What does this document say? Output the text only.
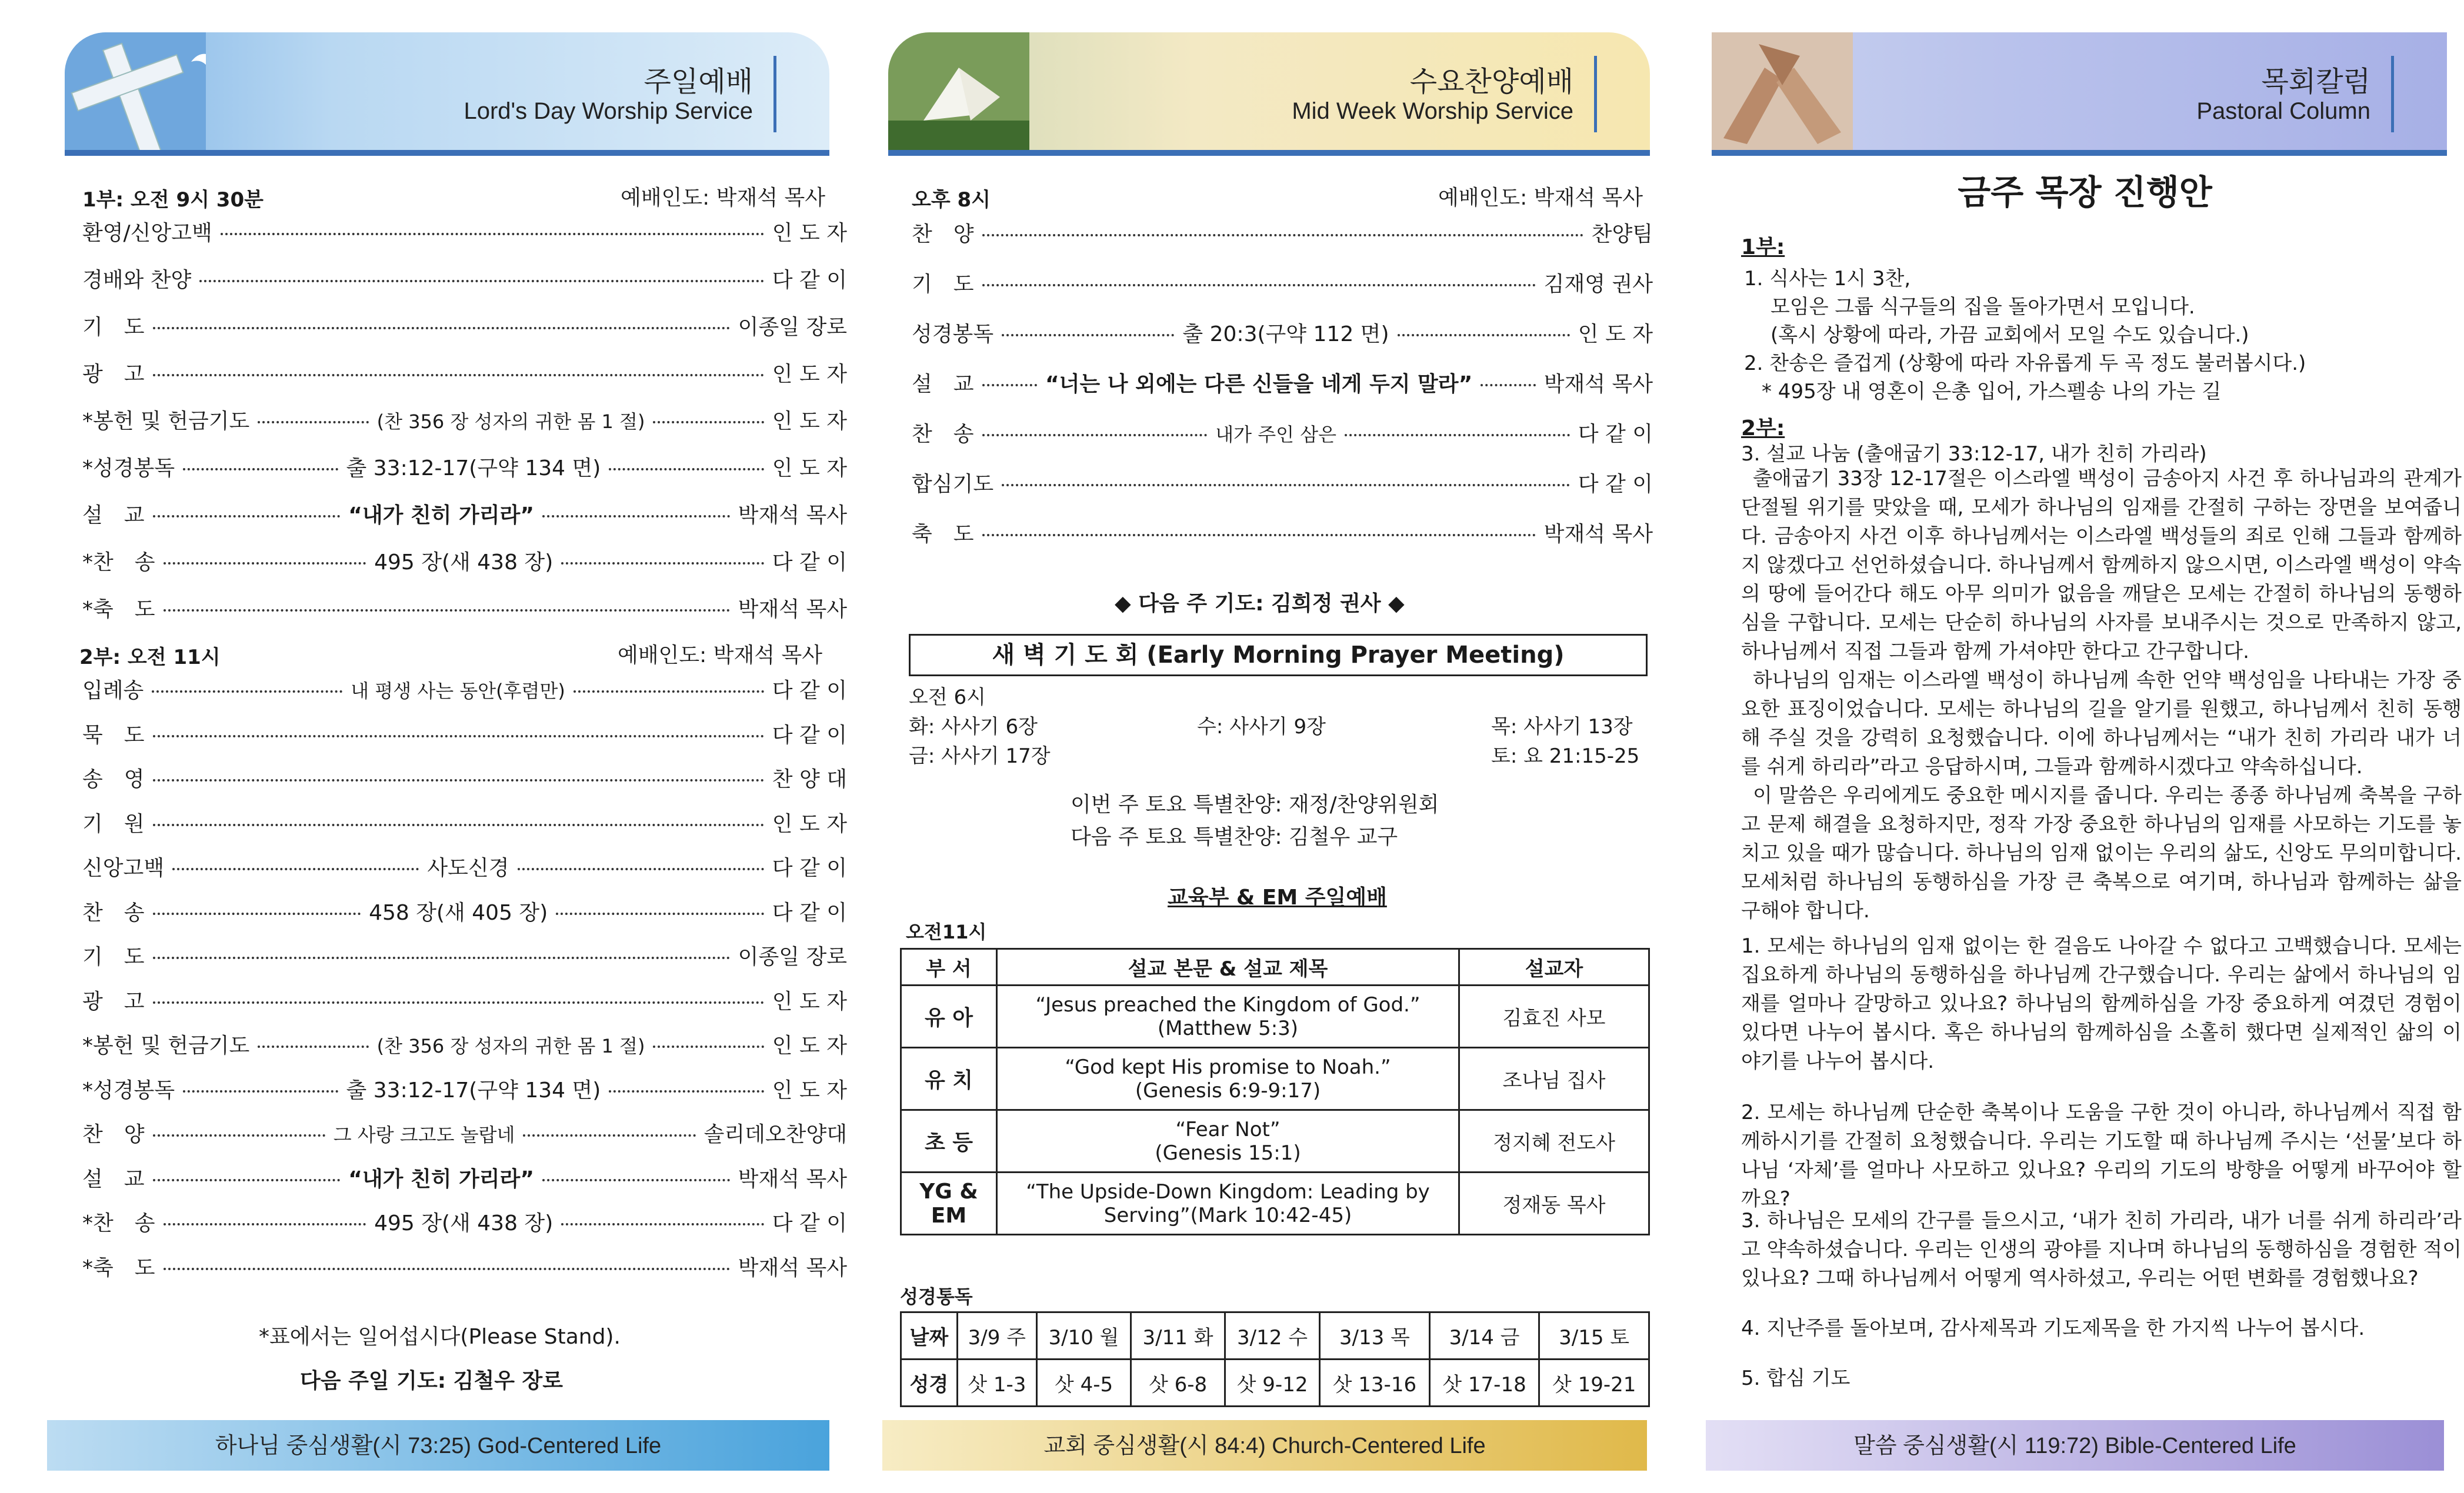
주일예배
Lord's Day Worship Service
1부: 오전 9시 30분	예배인도: 박재석 목사
환영/신앙고백	인 도 자
경배와 찬양	다 같 이
기　도	이종일 장로
광　고	인 도 자
*봉헌 및 헌금기도	(찬 356 장 성자의 귀한 몸 1 절)	인 도 자
*성경봉독	출 33:12-17(구약 134 면)	인 도 자
설　교	“내가 친히 가리라”	박재석 목사
*찬　송	495 장(새 438 장)	다 같 이
*축　도	박재석 목사
2부: 오전 11시	예배인도: 박재석 목사
입례송	내 평생 사는 동안(후렴만)	다 같 이
묵　도	다 같 이
송　영	찬 양 대
기　원	인 도 자
신앙고백	사도신경	다 같 이
찬　송	458 장(새 405 장)	다 같 이
기　도	이종일 장로
광　고	인 도 자
*봉헌 및 헌금기도	(찬 356 장 성자의 귀한 몸 1 절)	인 도 자
*성경봉독	출 33:12-17(구약 134 면)	인 도 자
찬　양	그 사랑 크고도 놀랍네	솔리데오찬양대
설　교	“내가 친히 가리라”	박재석 목사
*찬　송	495 장(새 438 장)	다 같 이
*축　도	박재석 목사
*표에서는 일어섭시다(Please Stand).
다음 주일 기도: 김철우 장로
하나님 중심생활(시 73:25) God-Centered Life
수요찬양예배
Mid Week Worship Service
오후 8시	예배인도: 박재석 목사
찬　양	찬양팀
기　도	김재영 권사
성경봉독	출 20:3(구약 112 면)	인 도 자
설　교	“너는 나 외에는 다른 신들을 네게 두지 말라”	박재석 목사
찬　송	내가 주인 삼은	다 같 이
합심기도	다 같 이
축　도	박재석 목사
◆ 다음 주 기도: 김희정 권사 ◆
새 벽 기 도 회 (Early Morning Prayer Meeting)
오전 6시
화: 사사기 6장	수: 사사기 9장	목: 사사기 13장
금: 사사기 17장	토: 요 21:15-25
이번 주 토요 특별찬양: 재정/찬양위원회
다음 주 토요 특별찬양: 김철우 교구
교육부 & EM 주일예배
오전11시
부 서	설교 본문 & 설교 제목	설교자
유 아	“Jesus preached the Kingdom of God.”
(Matthew 5:3)	김효진 사모
유 치	“God kept His promise to Noah.”
(Genesis 6:9-9:17)	조나님 집사
초 등	“Fear Not”
(Genesis 15:1)	정지혜 전도사
YG & EM	“The Upside-Down Kingdom: Leading by
Serving”(Mark 10:42-45)	정재동 목사
성경통독
날짜	3/9 주	3/10 월	3/11 화	3/12 수	3/13 목	3/14 금	3/15 토
성경	삿 1-3	삿 4-5	삿 6-8	삿 9-12	삿 13-16	삿 17-18	삿 19-21
교회 중심생활(시 84:4) Church-Centered Life
목회칼럼
Pastoral Column
금주 목장 진행안
1부:
1. 식사는 1시 3찬,
모임은 그룹 식구들의 집을 돌아가면서 모입니다.
(혹시 상황에 따라, 가끔 교회에서 모일 수도 있습니다.)
2. 찬송은 즐겁게 (상황에 따라 자유롭게 두 곡 정도 불러봅시다.)
* 495장 내 영혼이 은총 입어, 가스펠송 나의 가는 길
2부:
3. 설교 나눔 (출애굽기 33:12-17, 내가 친히 가리라)
출애굽기 33장 12-17절은 이스라엘 백성이 금송아지 사건 후 하나님과의 관계가 단절될 위기를 맞았을 때, 모세가 하나님의 임재를 간절히 구하는 장면을 보여줍니다. 금송아지 사건 이후 하나님께서는 이스라엘 백성들의 죄로 인해 그들과 함께하지 않겠다고 선언하셨습니다. 하나님께서 함께하지 않으시면, 이스라엘 백성이 약속의 땅에 들어간다 해도 아무 의미가 없음을 깨달은 모세는 간절히 하나님의 동행하심을 구합니다. 모세는 단순히 하나님의 사자를 보내주시는 것으로 만족하지 않고, 하나님께서 직접 그들과 함께 가셔야만 한다고 간구합니다.
하나님의 임재는 이스라엘 백성이 하나님께 속한 언약 백성임을 나타내는 가장 중요한 표징이었습니다. 모세는 하나님의 길을 알기를 원했고, 하나님께서 친히 동행해 주실 것을 강력히 요청했습니다. 이에 하나님께서는 “내가 친히 가리라 내가 너를 쉬게 하리라”라고 응답하시며, 그들과 함께하시겠다고 약속하십니다.
이 말씀은 우리에게도 중요한 메시지를 줍니다. 우리는 종종 하나님께 축복을 구하고 문제 해결을 요청하지만, 정작 가장 중요한 하나님의 임재를 사모하는 기도를 놓치고 있을 때가 많습니다. 하나님의 임재 없이는 우리의 삶도, 신앙도 무의미합니다. 모세처럼 하나님의 동행하심을 가장 큰 축복으로 여기며, 하나님과 함께하는 삶을 구해야 합니다.
1. 모세는 하나님의 임재 없이는 한 걸음도 나아갈 수 없다고 고백했습니다. 모세는 집요하게 하나님의 동행하심을 하나님께 간구했습니다. 우리는 삶에서 하나님의 임재를 얼마나 갈망하고 있나요? 하나님의 함께하심을 가장 중요하게 여겼던 경험이 있다면 나누어 봅시다. 혹은 하나님의 함께하심을 소홀히 했다면 실제적인 삶의 이야기를 나누어 봅시다.
2. 모세는 하나님께 단순한 축복이나 도움을 구한 것이 아니라, 하나님께서 직접 함께하시기를 간절히 요청했습니다. 우리는 기도할 때 하나님께 주시는 ‘선물’보다 하나님 ‘자체’를 얼마나 사모하고 있나요? 우리의 기도의 방향을 어떻게 바꾸어야 할까요?
3. 하나님은 모세의 간구를 들으시고, ‘내가 친히 가리라, 내가 너를 쉬게 하리라’라고 약속하셨습니다. 우리는 인생의 광야를 지나며 하나님의 동행하심을 경험한 적이 있나요? 그때 하나님께서 어떻게 역사하셨고, 우리는 어떤 변화를 경험했나요?
4. 지난주를 돌아보며, 감사제목과 기도제목을 한 가지씩 나누어 봅시다.
5. 합심 기도
말씀 중심생활(시 119:72) Bible-Centered Life
